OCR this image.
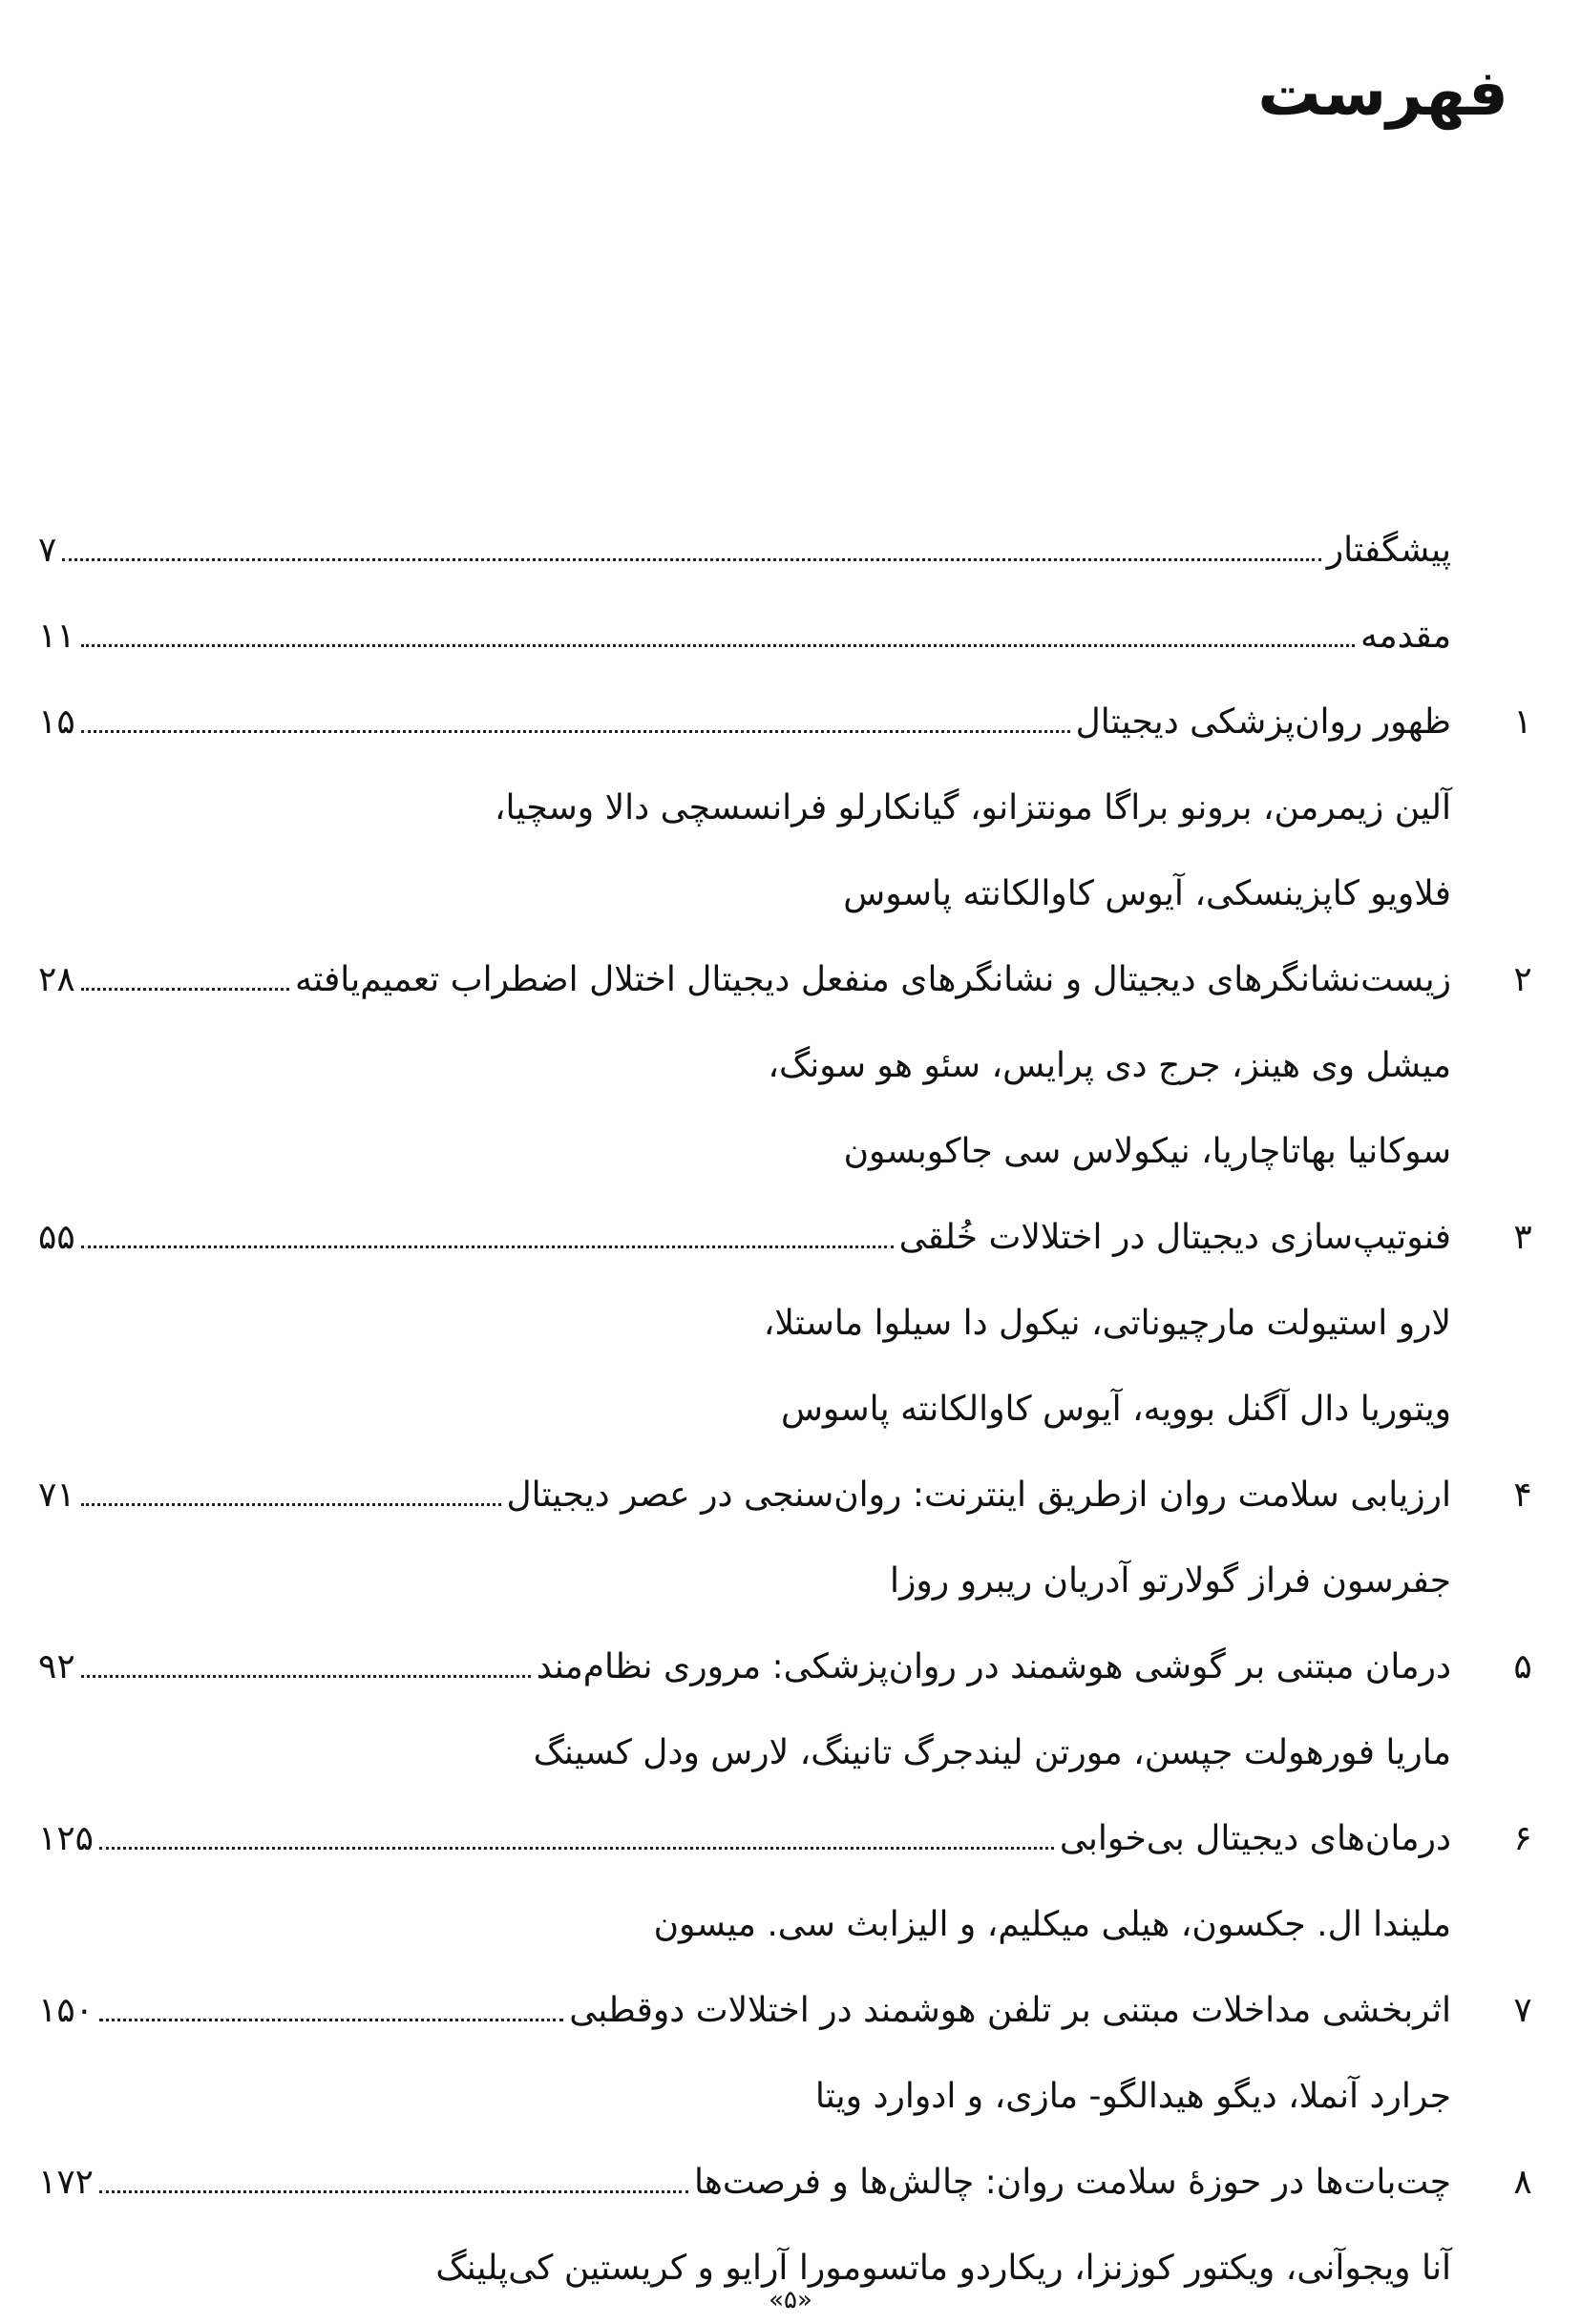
فهرست
پیشگفتار
۷
مقدمه
۱۱
۱
ظهور روان‌پزشکی دیجیتال
۱۵
آلین زیمرمن، برونو براگا مونتزانو، گیانکارلو فرانسسچی دالا وسچیا،
فلاویو کاپزینسکی، آیوس کاوالکانته پاسوس
۲
زیست‌نشانگرهای دیجیتال و نشانگرهای منفعل دیجیتال اختلال اضطراب تعمیم‌یافته
۲۸
میشل وی هینز، جرج دی پرایس، سئو هو سونگ،
سوکانیا بهاتاچاریا، نیکولاس سی جاکوبسون
۳
فنوتیپ‌سازی دیجیتال در اختلالات خُلقی
۵۵
لارو استیولت مارچیوناتی، نیکول دا سیلوا ماستلا،
ویتوریا دال آگنل بوویه، آیوس کاوالکانته پاسوس
۴
ارزیابی سلامت روان ازطریق اینترنت: روان‌سنجی در عصر دیجیتال
۷۱
جفرسون فراز گولارتو آدریان ریبرو روزا
۵
درمان مبتنی بر گوشی هوشمند در روان‌پزشکی: مروری نظام‌مند
۹۲
ماریا فورهولت جپسن، مورتن لیندجرگ تانینگ، لارس ودل کسینگ
۶
درمان‌های دیجیتال بی‌خوابی
۱۲۵
ملیندا ال. جکسون، هیلی میکلیم، و الیزابث سی. میسون
۷
اثربخشی مداخلات مبتنی بر تلفن هوشمند در اختلالات دوقطبی
۱۵۰
جرارد آنملا، دیگو هیدالگو- مازی، و ادوارد ویتا
۸
چت‌بات‌ها در حوزهٔ سلامت روان: چالش‌ها و فرصت‌ها
۱۷۲
آنا ویجوآنی، ویکتور کوزنزا، ریکاردو ماتسومورا آرایو و کریستین کی‌پلینگ
«۵»
